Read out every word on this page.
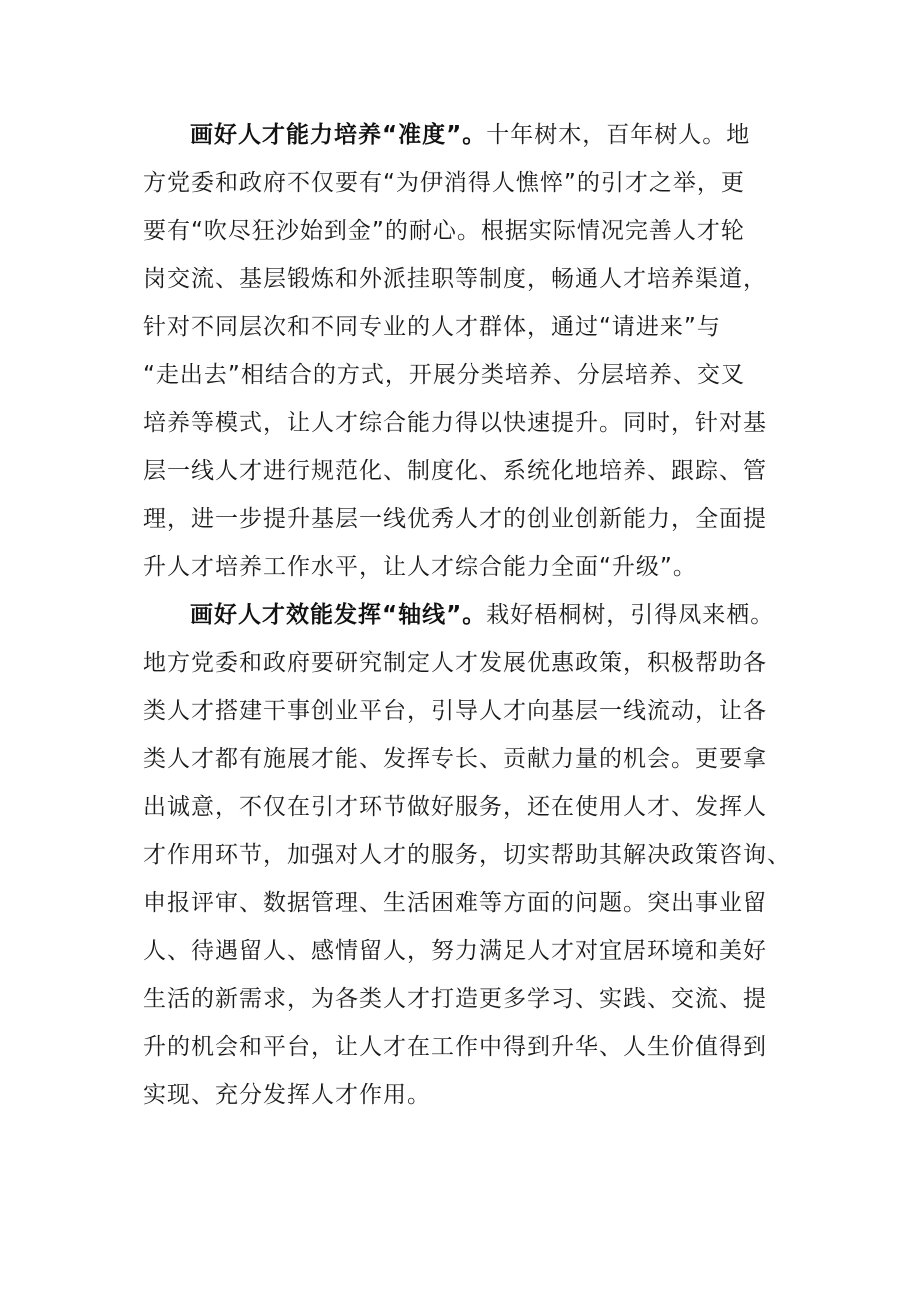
画好人才能力培养“准度”。十年树木，百年树人。地
方党委和政府不仅要有“为伊消得人憔悴”的引才之举，更
要有“吹尽狂沙始到金”的耐心。根据实际情况完善人才轮
岗交流、基层锻炼和外派挂职等制度，畅通人才培养渠道，
针对不同层次和不同专业的人才群体，通过“请进来”与
“走出去”相结合的方式，开展分类培养、分层培养、交叉
培养等模式，让人才综合能力得以快速提升。同时，针对基
层一线人才进行规范化、制度化、系统化地培养、跟踪、管
理，进一步提升基层一线优秀人才的创业创新能力，全面提
升人才培养工作水平，让人才综合能力全面“升级”。
画好人才效能发挥“轴线”。栽好梧桐树，引得凤来栖。
地方党委和政府要研究制定人才发展优惠政策，积极帮助各
类人才搭建干事创业平台，引导人才向基层一线流动，让各
类人才都有施展才能、发挥专长、贡献力量的机会。更要拿
出诚意，不仅在引才环节做好服务，还在使用人才、发挥人
才作用环节，加强对人才的服务，切实帮助其解决政策咨询、
申报评审、数据管理、生活困难等方面的问题。突出事业留
人、待遇留人、感情留人，努力满足人才对宜居环境和美好
生活的新需求，为各类人才打造更多学习、实践、交流、提
升的机会和平台，让人才在工作中得到升华、人生价值得到
实现、充分发挥人才作用。
